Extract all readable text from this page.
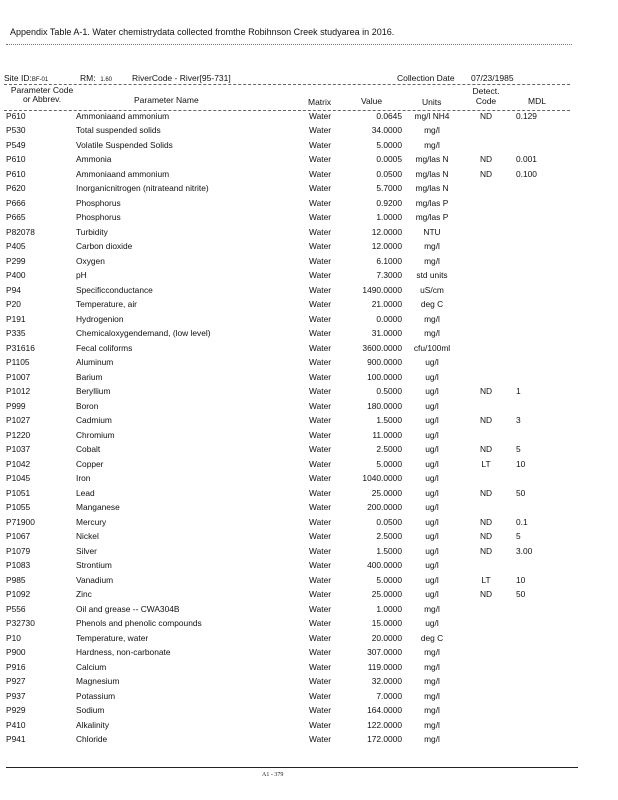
Appendix Table A-1. Water chemistrydata collected fromthe Robihnson Creek studyarea in 2016.
Site ID:BF-01	RM: 1.60 RiverCode - River[95-731]	Collection Date 07/23/1985
Parameter Code
or Abbrev.	Parameter Name	Matrix	Value	Units
Detect.
Code	MDL
P610	Ammoniaand ammonium	Water	0.0645 mg/l NH4	ND	0.129
P530	Total suspended solids	Water	34.0000	mg/l
P549	Volatile Suspended Solids	Water	5.0000	mg/l
P610	Ammonia	Water	0.0005 mg/las N	ND	0.001
P610	Ammoniaand ammonium	Water	0.0500 mg/las N	ND	0.100
P620	Inorganicnitrogen (nitrateand nitrite)	Water	5.7000 mg/las N
P666	Phosphorus	Water	0.9200	mg/las P
P665	Phosphorus	Water	1.0000	mg/las P
P82078	Turbidity	Water	12.0000	NTU
P405	Carbon dioxide	Water	12.0000	mg/l
P299	Oxygen	Water	6.1000	mg/l
P400	pH	Water	7.3000	std units
P94	Specificconductance	Water	1490.0000	uS/cm
P20	Temperature, air	Water	21.0000	deg C
P191	Hydrogenion	Water	0.0000	mg/l
P335	Chemicaloxygendemand, (low level)	Water	31.0000	mg/l
P31616	Fecal coliforms	Water	3600.0000 cfu/100ml
P1105	Aluminum	Water	900.0000	ug/l
P1007	Barium	Water	100.0000	ug/l
P1012	Beryllium	Water	0.5000	ug/l	ND	1
P999	Boron	Water	180.0000	ug/l
P1027	Cadmium	Water	1.5000	ug/l	ND	3
P1220	Chromium	Water	11.0000	ug/l
P1037	Cobalt	Water	2.5000	ug/l	ND	5
P1042	Copper	Water	5.0000	ug/l	LT	10
P1045	Iron	Water	1040.0000	ug/l
P1051	Lead	Water	25.0000	ug/l	ND	50
P1055	Manganese	Water	200.0000	ug/l
P71900	Mercury	Water	0.0500	ug/l	ND	0.1
P1067	Nickel	Water	2.5000	ug/l	ND	5
P1079	Silver	Water	1.5000	ug/l	ND	3.00
P1083	Strontium	Water	400.0000	ug/l
P985	Vanadium	Water	5.0000	ug/l	LT	10
P1092	Zinc	Water	25.0000	ug/l	ND	50
P556	Oil and grease -- CWA304B	Water	1.0000	mg/l
P32730	Phenols and phenolic compounds	Water	15.0000	ug/l
P10	Temperature, water	Water	20.0000	deg C
P900	Hardness, non-carbonate	Water	307.0000	mg/l
P916	Calcium	Water	119.0000	mg/l
P927	Magnesium	Water	32.0000	mg/l
P937	Potassium	Water	7.0000	mg/l
P929	Sodium	Water	164.0000	mg/l
P410	Alkalinity	Water	122.0000	mg/l
P941	Chloride	Water	172.0000	mg/l
A1 - 379
